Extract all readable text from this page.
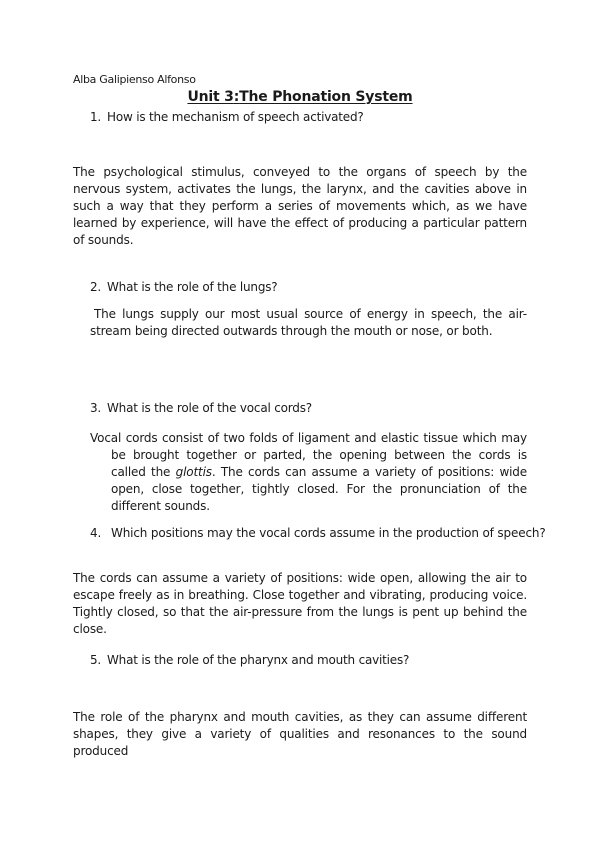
Alba Galipienso Alfonso
Unit 3:The Phonation System
1. How is the mechanism of speech activated?
The psychological stimulus, conveyed to the organs of speech by the nervous system, activates the lungs, the larynx, and the cavities above in such a way that they perform a series of movements which, as we have learned by experience, will have the effect of producing a particular pattern of sounds.
2. What is the role of the lungs?
The lungs supply our most usual source of energy in speech, the air-stream being directed outwards through the mouth or nose, or both.
3. What is the role of the vocal cords?
Vocal cords consist of two folds of ligament and elastic tissue which may be brought together or parted, the opening between the cords is called the glottis. The cords can assume a variety of positions: wide open, close together, tightly closed. For the pronunciation of the different sounds.
4. Which positions may the vocal cords assume in the production of speech?
The cords can assume a variety of positions: wide open, allowing the air to escape freely as in breathing. Close together and vibrating, producing voice. Tightly closed, so that the air-pressure from the lungs is pent up behind the close.
5. What is the role of the pharynx and mouth cavities?
The role of the pharynx and mouth cavities, as they can assume different shapes, they give a variety of qualities and resonances to the sound produced
